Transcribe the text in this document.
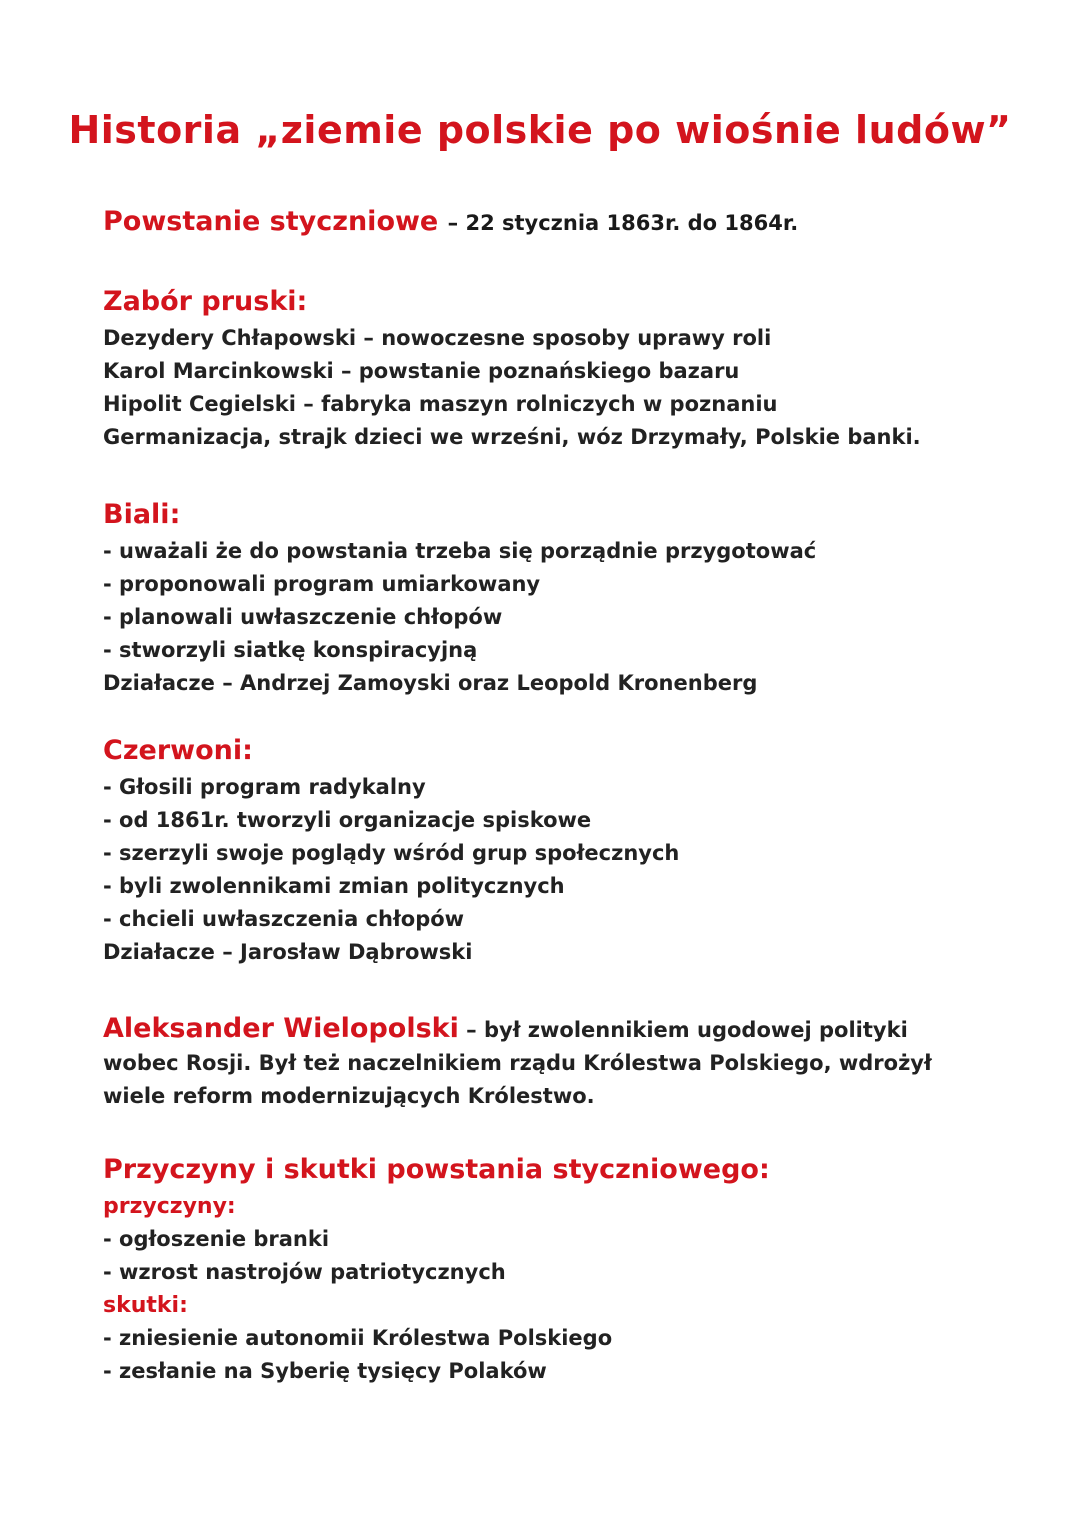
Historia „ziemie polskie po wiośnie ludów”
Powstanie styczniowe – 22 stycznia 1863r. do 1864r.
Zabór pruski:
Dezydery Chłapowski – nowoczesne sposoby uprawy roli
Karol Marcinkowski – powstanie poznańskiego bazaru
Hipolit Cegielski – fabryka maszyn rolniczych w poznaniu
Germanizacja, strajk dzieci we wrześni, wóz Drzymały, Polskie banki.
Biali:
- uważali że do powstania trzeba się porządnie przygotować
- proponowali program umiarkowany
- planowali uwłaszczenie chłopów
- stworzyli siatkę konspiracyjną
Działacze – Andrzej Zamoyski oraz Leopold Kronenberg
Czerwoni:
- Głosili program radykalny
- od 1861r. tworzyli organizacje spiskowe
- szerzyli swoje poglądy wśród grup społecznych
- byli zwolennikami zmian politycznych
- chcieli uwłaszczenia chłopów
Działacze – Jarosław Dąbrowski
Aleksander Wielopolski – był zwolennikiem ugodowej polityki wobec Rosji. Był też naczelnikiem rządu Królestwa Polskiego, wdrożył wiele reform modernizujących Królestwo.
Przyczyny i skutki powstania styczniowego:
przyczyny:
- ogłoszenie branki
- wzrost nastrojów patriotycznych
skutki:
- zniesienie autonomii Królestwa Polskiego
- zesłanie na Syberię tysięcy Polaków
